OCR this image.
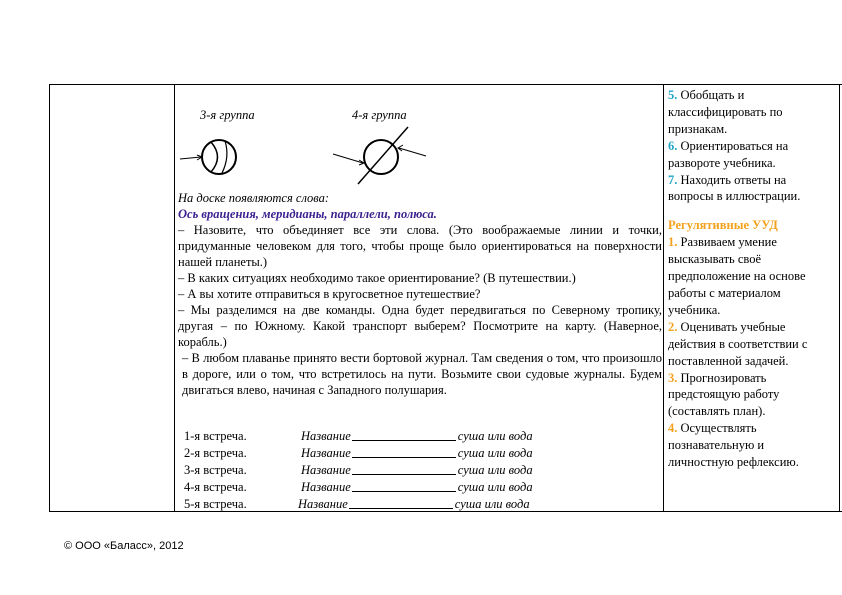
3-я группа	4-я группа

На доске появляются слова:

Ось вращения, меридианы, параллели, полюса.

– Назовите, что объединяет все эти слова. (Это воображаемые линии и точки, придуманные человеком для того, чтобы проще было ориентироваться на поверхности нашей планеты.)

– В каких ситуациях необходимо такое ориентирование? (В путешествии.)

– А вы хотите отправиться в кругосветное путешествие?

– Мы разделимся на две команды. Одна будет передвигаться по Северному тропику, другая – по Южному. Какой транспорт выберем? Посмотрите на карту. (Наверное, корабль.)

– В любом плаванье принято вести бортовой журнал. Там сведения о том, что произошло в дороге, или о том, что встретилось на пути. Возьмите свои судовые журналы. Будем двигаться влево, начиная с Западного полушария.

1-я встреча.	Название	суша или вода
2-я встреча.	Название	суша или вода
3-я встреча.	Название	суша или вода
4-я встреча.	Название	суша или вода
5-я встреча.	Название	суша или вода

5. Обобщать и классифицировать по признакам.

6. Ориентироваться на развороте учебника.

7. Находить ответы на вопросы в иллюстрации.

Регулятивные УУД

1. Развиваем умение высказывать своё предположение на основе работы с материалом учебника.

2. Оценивать учебные действия в соответствии с поставленной задачей.

3. Прогнозировать предстоящую работу (составлять план).

4. Осуществлять познавательную и личностную рефлексию.

© ООО «Баласс», 2012
